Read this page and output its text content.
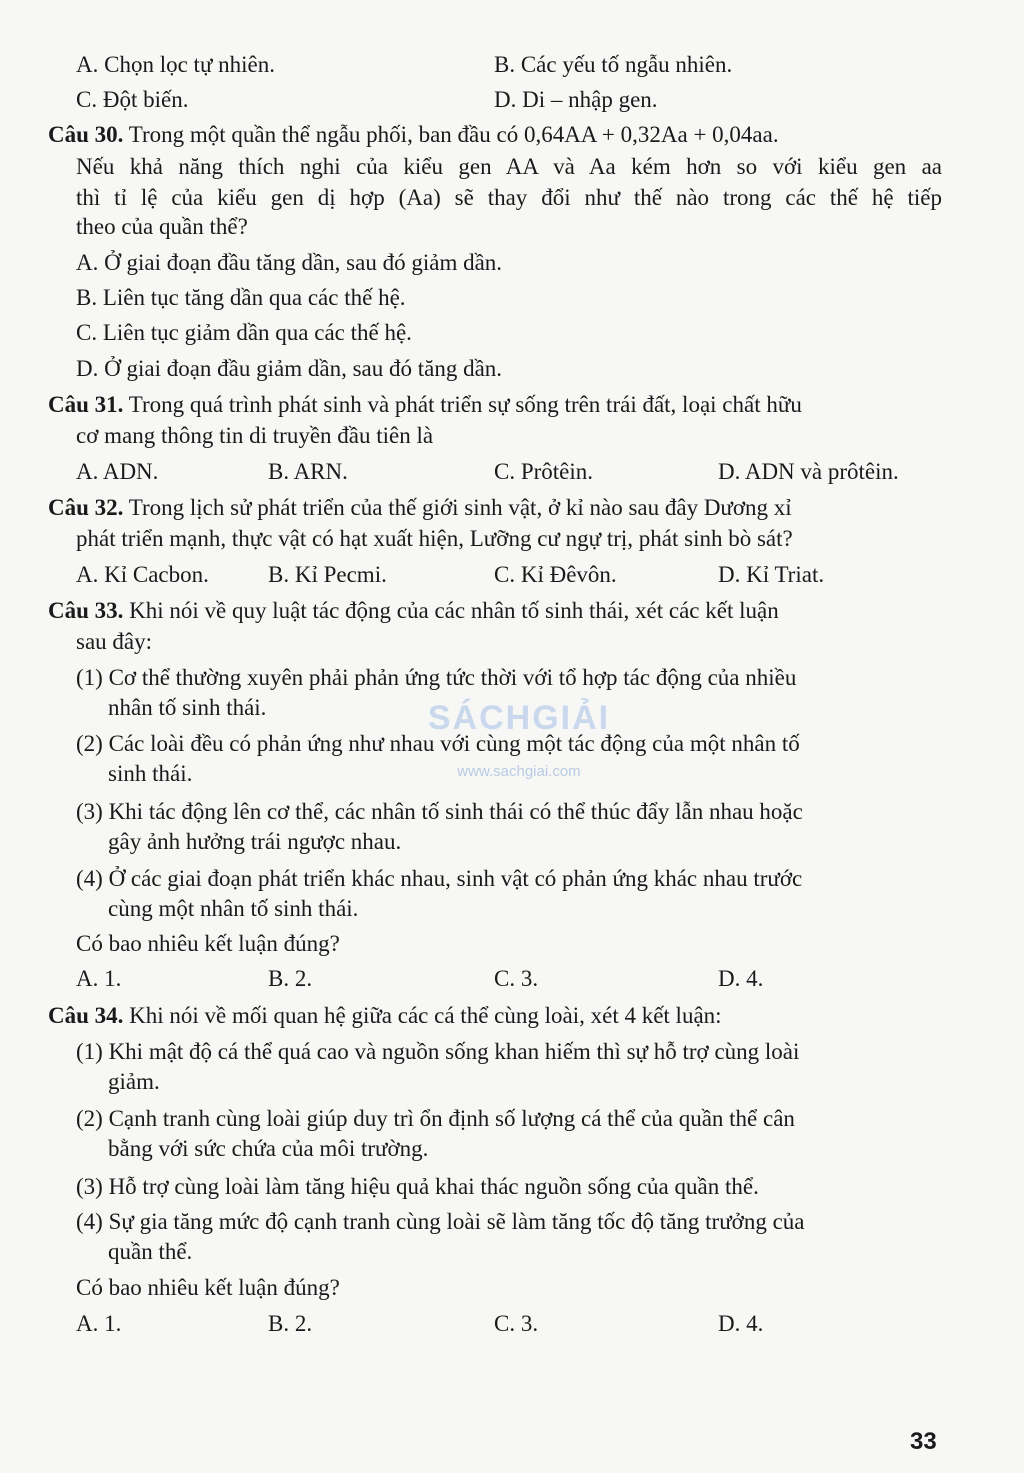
A. Chọn lọc tự nhiên.	B. Các yếu tố ngẫu nhiên.
C. Đột biến.	D. Di – nhập gen.
Câu 30. Trong một quần thể ngẫu phối, ban đầu có 0,64AA + 0,32Aa + 0,04aa.
Nếu khả năng thích nghi của kiểu gen AA và Aa kém hơn so với kiểu gen aa
thì tỉ lệ của kiểu gen dị hợp (Aa) sẽ thay đổi như thế nào trong các thế hệ tiếp
theo của quần thể?
A. Ở giai đoạn đầu tăng dần, sau đó giảm dần.
B. Liên tục tăng dần qua các thế hệ.
C. Liên tục giảm dần qua các thế hệ.
D. Ở giai đoạn đầu giảm dần, sau đó tăng dần.
Câu 31. Trong quá trình phát sinh và phát triển sự sống trên trái đất, loại chất hữu
cơ mang thông tin di truyền đầu tiên là
A. ADN.	B. ARN.	C. Prôtêin.	D. ADN và prôtêin.
Câu 32. Trong lịch sử phát triển của thế giới sinh vật, ở kỉ nào sau đây Dương xỉ
phát triển mạnh, thực vật có hạt xuất hiện, Lưỡng cư ngự trị, phát sinh bò sát?
A. Kỉ Cacbon.	B. Kỉ Pecmi.	C. Kỉ Đêvôn.	D. Kỉ Triat.
Câu 33. Khi nói về quy luật tác động của các nhân tố sinh thái, xét các kết luận
sau đây:
(1) Cơ thể thường xuyên phải phản ứng tức thời với tổ hợp tác động của nhiều
nhân tố sinh thái.
(2) Các loài đều có phản ứng như nhau với cùng một tác động của một nhân tố
sinh thái.
(3) Khi tác động lên cơ thể, các nhân tố sinh thái có thể thúc đẩy lẫn nhau hoặc
gây ảnh hưởng trái ngược nhau.
(4) Ở các giai đoạn phát triển khác nhau, sinh vật có phản ứng khác nhau trước
cùng một nhân tố sinh thái.
Có bao nhiêu kết luận đúng?
A. 1.	B. 2.	C. 3.	D. 4.
Câu 34. Khi nói về mối quan hệ giữa các cá thể cùng loài, xét 4 kết luận:
(1) Khi mật độ cá thể quá cao và nguồn sống khan hiếm thì sự hỗ trợ cùng loài
giảm.
(2) Cạnh tranh cùng loài giúp duy trì ổn định số lượng cá thể của quần thể cân
bằng với sức chứa của môi trường.
(3) Hỗ trợ cùng loài làm tăng hiệu quả khai thác nguồn sống của quần thể.
(4) Sự gia tăng mức độ cạnh tranh cùng loài sẽ làm tăng tốc độ tăng trưởng của
quần thể.
Có bao nhiêu kết luận đúng?
A. 1.	B. 2.	C. 3.	D. 4.
SÁCHGIẢI
www.sachgiai.com
33
